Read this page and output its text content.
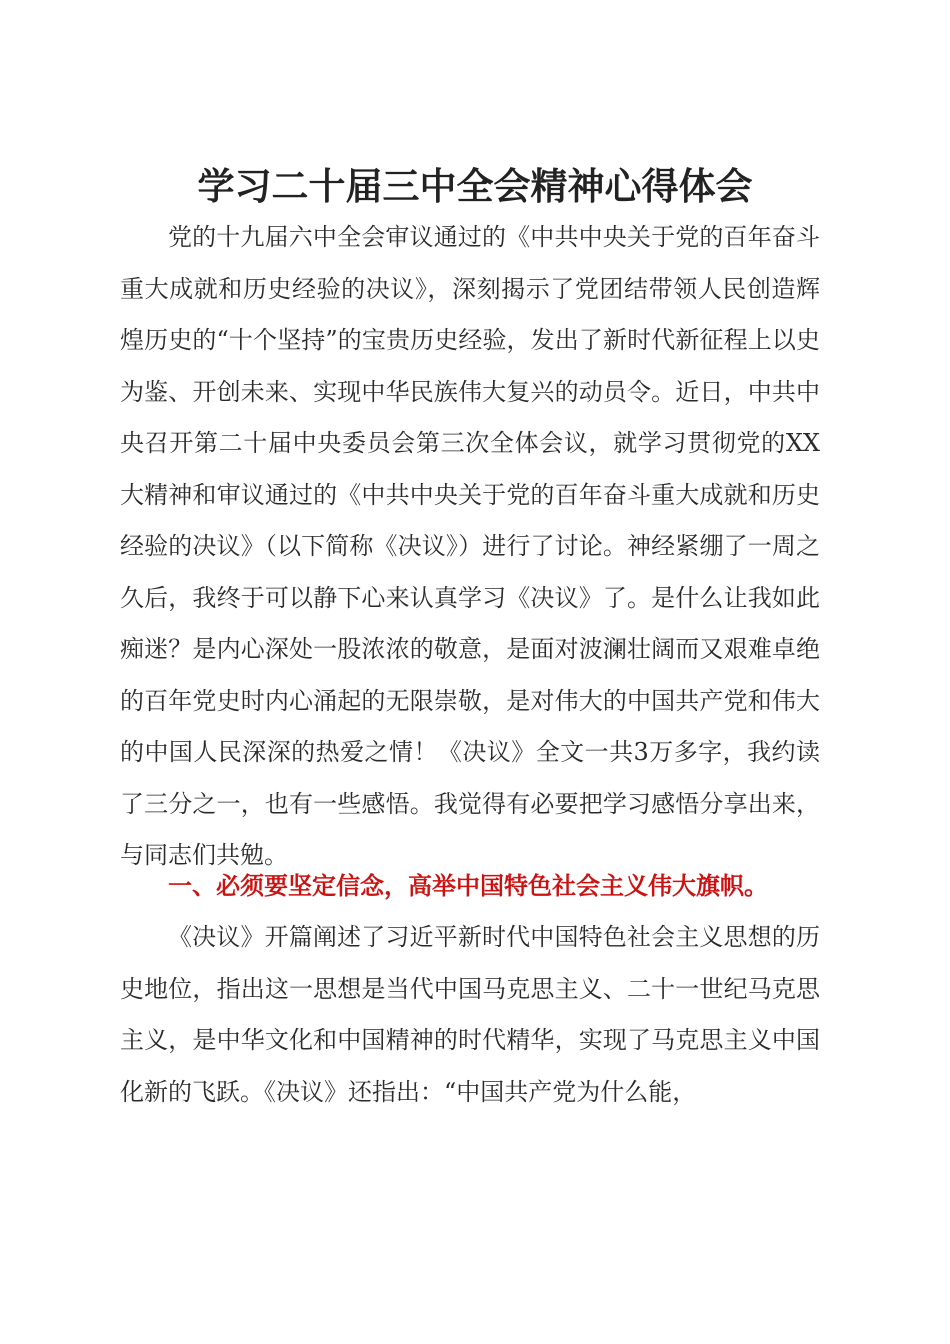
学习二十届三中全会精神心得体会

党的十九届六中全会审议通过的《中共中央关于党的百年奋斗重大成就和历史经验的决议》，深刻揭示了党团结带领人民创造辉煌历史的“十个坚持”的宝贵历史经验，发出了新时代新征程上以史为鉴、开创未来、实现中华民族伟大复兴的动员令。近日，中共中央召开第二十届中央委员会第三次全体会议，就学习贯彻党的XX大精神和审议通过的《中共中央关于党的百年奋斗重大成就和历史经验的决议》（以下简称《决议》）进行了讨论。神经紧绷了一周之久后，我终于可以静下心来认真学习《决议》了。是什么让我如此痴迷？是内心深处一股浓浓的敬意，是面对波澜壮阔而又艰难卓绝的百年党史时内心涌起的无限崇敬，是对伟大的中国共产党和伟大的中国人民深深的热爱之情！《决议》全文一共3万多字，我约读了三分之一，也有一些感悟。我觉得有必要把学习感悟分享出来，与同志们共勉。

一、必须要坚定信念，高举中国特色社会主义伟大旗帜。

《决议》开篇阐述了习近平新时代中国特色社会主义思想的历史地位，指出这一思想是当代中国马克思主义、二十一世纪马克思主义，是中华文化和中国精神的时代精华，实现了马克思主义中国化新的飞跃。《决议》还指出：“中国共产党为什么能，
